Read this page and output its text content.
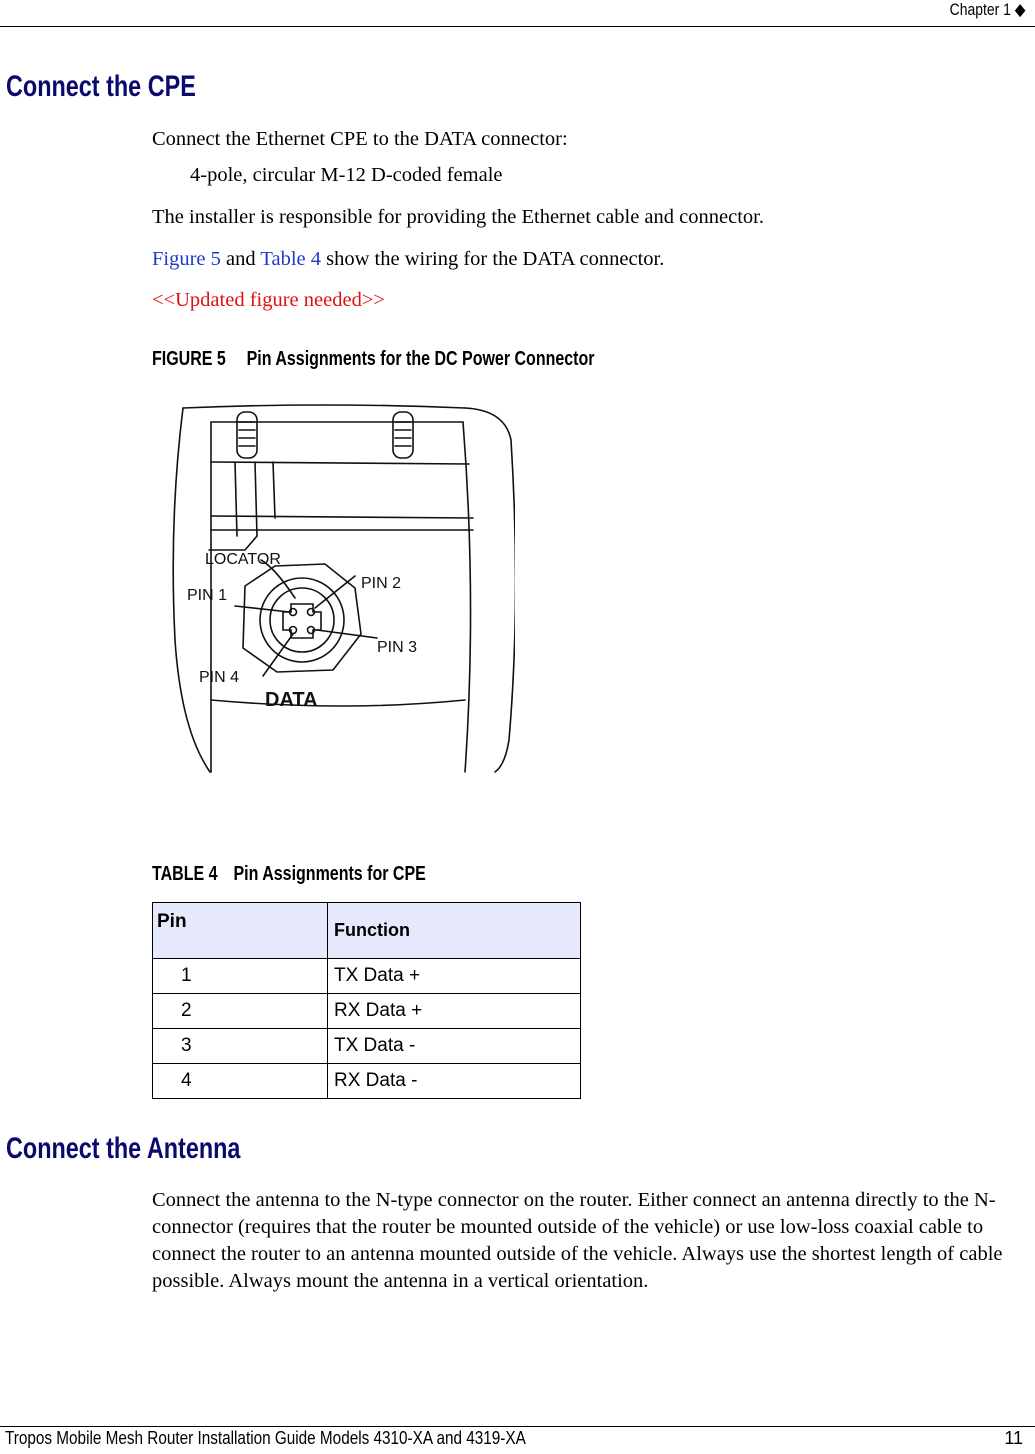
Chapter 1 ◆
Connect the CPE
Connect the Ethernet CPE to the DATA connector:
4-pole, circular M-12 D-coded female
The installer is responsible for providing the Ethernet cable and connector.
Figure 5 and Table 4 show the wiring for the DATA connector.
<<Updated figure needed>>
FIGURE 5 Pin Assignments for the DC Power Connector
LOCATOR
PIN 1
PIN 2
PIN 3
PIN 4
DATA
TABLE 4 Pin Assignments for CPE
Pin	Function
1	TX Data +
2	RX Data +
3	TX Data -
4	RX Data -
Connect the Antenna
Connect the antenna to the N-type connector on the router. Either connect an antenna directly to the N-connector (requires that the router be mounted outside of the vehicle) or use low-loss coaxial cable to connect the router to an antenna mounted outside of the vehicle. Always use the shortest length of cable possible. Always mount the antenna in a vertical orientation.
Tropos Mobile Mesh Router Installation Guide Models 4310-XA and 4319-XA	11
